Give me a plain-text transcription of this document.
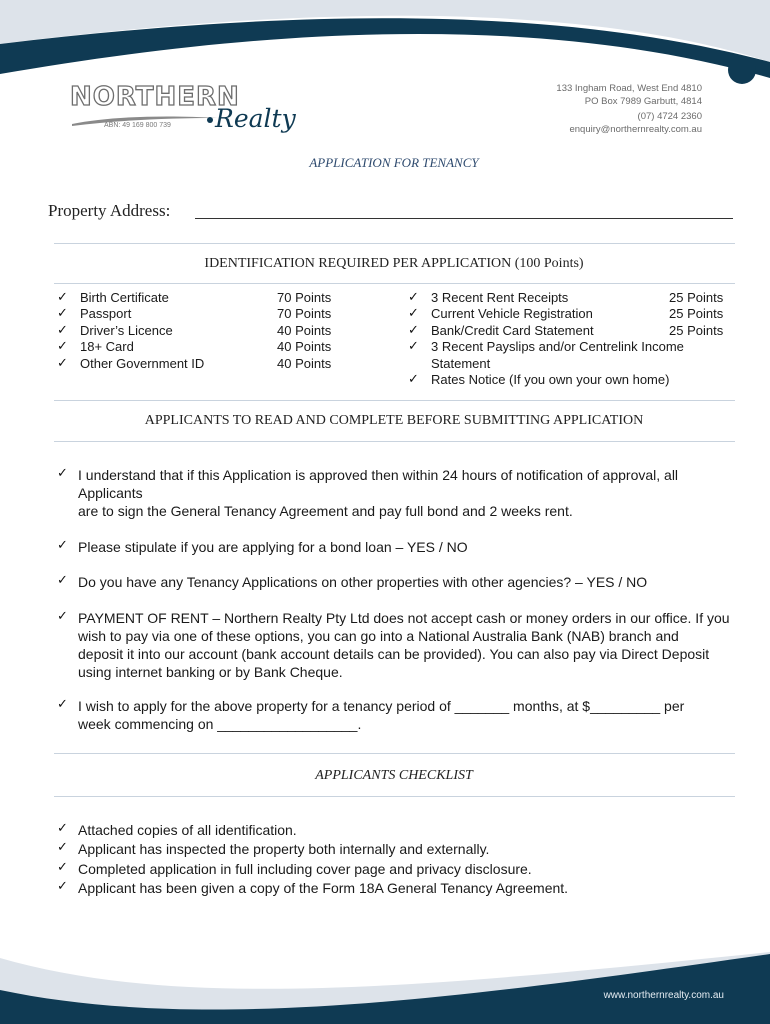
NORTHERN
ABN: 49 169 800 739 Realty
133 Ingham Road, West End 4810
PO Box 7989 Garbutt, 4814
(07) 4724 2360
enquiry@northernrealty.com.au
APPLICATION FOR TENANCY
Property Address:
IDENTIFICATION REQUIRED PER APPLICATION (100 Points)
✓ Birth Certificate	70 Points
✓ Passport	70 Points
✓ Driver’s Licence	40 Points
✓ 18+ Card	40 Points
✓ Other Government ID	40 Points
✓ 3 Recent Rent Receipts	25 Points
✓ Current Vehicle Registration	25 Points
✓ Bank/Credit Card Statement	25 Points
✓ 3 Recent Payslips and/or Centrelink Income
Statement
✓ Rates Notice (If you own your own home)
APPLICANTS TO READ AND COMPLETE BEFORE SUBMITTING APPLICATION
✓ I understand that if this Application is approved then within 24 hours of notification of approval, all
Applicants
are to sign the General Tenancy Agreement and pay full bond and 2 weeks rent.
✓ Please stipulate if you are applying for a bond loan – YES / NO
✓ Do you have any Tenancy Applications on other properties with other agencies? – YES / NO
✓ PAYMENT OF RENT – Northern Realty Pty Ltd does not accept cash or money orders in our office. If you
wish to pay via one of these options, you can go into a National Australia Bank (NAB) branch and
deposit it into our account (bank account details can be provided). You can also pay via Direct Deposit
using internet banking or by Bank Cheque.
✓ I wish to apply for the above property for a tenancy period of _______ months, at $_________ per
week commencing on __________________.
APPLICANTS CHECKLIST
✓ Attached copies of all identification.
✓ Applicant has inspected the property both internally and externally.
✓ Completed application in full including cover page and privacy disclosure.
✓ Applicant has been given a copy of the Form 18A General Tenancy Agreement.
www.northernrealty.com.au
